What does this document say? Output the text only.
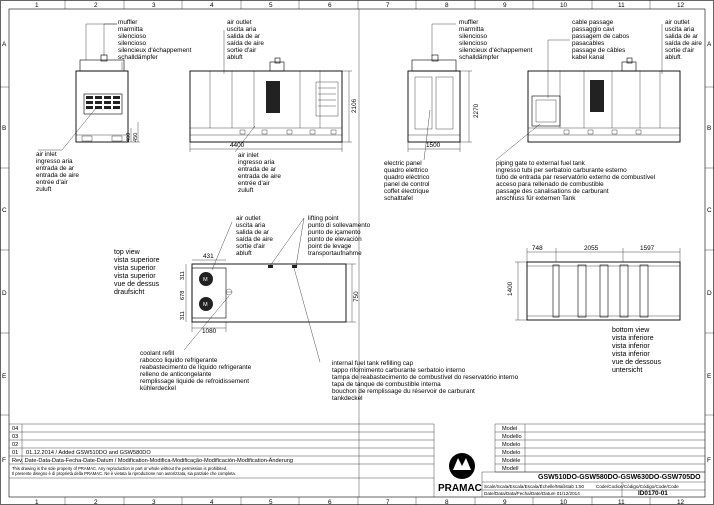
1	2	3	4	5	6	7	8	9	10	11	12
1	2	3	4	5	6	7	8	9	10	11	12
A
B
C
D
E
F
A
B
C
D
E
F
muffler marmitta silencioso silencioso silencieux d'échappement schalldämpfer
air inlet ingresso aria entrada de ar entrada de aire entrée d'air zuluft
400 450
air outlet uscita aria salida de ar saída de aire sortie d'air abluft
air inlet ingresso aria entrada de ar entrada de aire entrée d'air zuluft
4400
2106
muffler marmitta silencioso silencioso silencieux d'échappement schalldämpfer
1500
2270
electric panel quadro elettrico quadro eléctrico panel de control coffet électrique schalttafel
cable passage passaggio cavi passagem de cabos pasacables passage de câbles kabel kanal
air outlet uscita aria salida de ar saída de aire sortie d'air abluft
piping gate to external fuel tank ingresso tubi per serbatoio carburante esterno tubo de entrada par reservatório externo de combustível acceso para rellenado de combustible passage des canalisations de carburant anschluss für externen Tank
M
M
431
311
678
311
1080
750
air outlet uscita aria salida de ar saída de aire sortie d'air abluft
lifting point punto di sollevamento punto de içamento punto de elevación point de levage transportaufnahme
top view vista superiore vista superior vista superior vue de dessus draufsicht
coolant refill rabocco liquido refrigerante reabastecimento de líquido refrigerante relleno de anticongelante remplissage liquide de refroidissement kühlerdeckel
internal fuel tank refilling cap tappo rifornimento carburante serbatoio interno tampa de reabastecimento de combustível do reservatório interno tapa de tanque de combustible interna bouchon de remplissage du réservoir de carburant tankdeckel
748	2055	1597
1400
bottom view vista inferiore vista inferior vista inferior vue de dessous untersicht
04
03
02
01 01.12.2014 / Added GSW510DO and GSW580DO
Rev. Date-Data-Data-Fecha-Date-Datum / Modification-Modifica-Modificação-Modificación-Modification-Änderung
This drawing is the sole property of PRAMAC. Any reproduction in part or whole without the permission is prohibited.
Il presente disegno è di proprietà della PRAMAC. Ne è vietata la riproduzione non autorizzata, sia parziale che completa.
PRAMAC
Model
Modello
Modelo
Modelo
Modèle
Modell
GSW510DO-GSW580DO-GSW630DO-GSW705DO
Scale/Scala/Escala/Escala/Échelle/Maßstab 1:50	Code/Codice/Código/Código/Code/Code
Date/Data/Data/Fecha/Date/Datum 01/12/2014	ID0170-01
